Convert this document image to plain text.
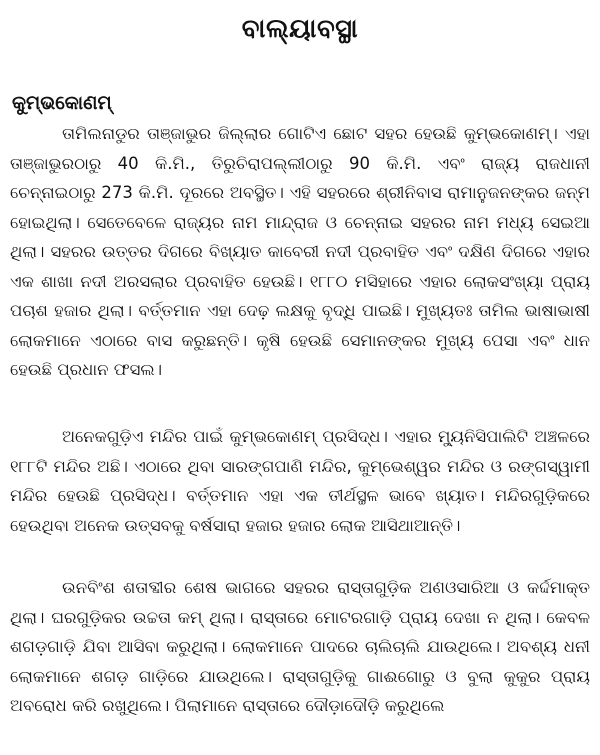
ବାଲ୍ୟାବସ୍ଥା
କୁମ୍ଭକୋଣମ୍

ତାମିଲନାଡୁର ତାଞ୍ଜାଭୁର ଜିଲ୍ଲାର ଗୋଟିଏ ଛୋଟ ସହର ହେଉଛି କୁମ୍ଭକୋଣମ୍। ଏହା ତାଞ୍ଜାଭୁରଠାରୁ 40 କି.ମି., ତିରୁଚିରାପଲ୍ଲୀଠାରୁ 90 କି.ମି. ଏବଂ ରାଜ୍ୟ ରାଜଧାନୀ ଚେନ୍ନାଇଠାରୁ 273 କି.ମି. ଦୂରରେ ଅବସ୍ଥିତ। ଏହି ସହରରେ ଶ୍ରୀନିବାସ ରାମାନୁଜନଙ୍କର ଜନ୍ମ ହୋଇଥିଲା। ସେତେବେଳେ ରାଜ୍ୟର ନାମ ମାନ୍ଦ୍ରାଜ ଓ ଚେନ୍ନାଇ ସହରର ନାମ ମଧ୍ୟ ସେଇଆ ଥିଲା। ସହରର ଉତ୍ତର ଦିଗରେ ବିଖ୍ୟାତ କାବେରୀ ନଦୀ ପ୍ରବାହିତ ଏବଂ ଦକ୍ଷିଣ ଦିଗରେ ଏହାର ଏକ ଶାଖା ନଦୀ ଅରସଲାର ପ୍ରବାହିତ ହେଉଛି। ୧୮୮୦ ମସିହାରେ ଏହାର ଲୋକସଂଖ୍ୟା ପ୍ରାୟ ପଚାଶ ହଜାର ଥିଲା। ବର୍ତ୍ତମାନ ଏହା ଦେଢ଼ ଲକ୍ଷକୁ ବୃଦ୍ଧି ପାଇଛି। ମୁଖ୍ୟତଃ ତାମିଲ ଭାଷାଭାଷୀ ଲୋକମାନେ ଏଠାରେ ବାସ କରୁଛନ୍ତି। କୃଷି ହେଉଛି ସେମାନଙ୍କର ମୁଖ୍ୟ ପେସା ଏବଂ ଧାନ ହେଉଛି ପ୍ରଧାନ ଫସଲ।

ଅନେକଗୁଡ଼ିଏ ମନ୍ଦିର ପାଇଁ କୁମ୍ଭକୋଣମ୍ ପ୍ରସିଦ୍ଧ। ଏହାର ମ୍ୟୁନିସିପାଲିଟି ଅଞ୍ଚଳରେ ୧୮୮ଟି ମନ୍ଦିର ଅଛି। ଏଠାରେ ଥିବା ସାରଙ୍ଗପାଣି ମନ୍ଦିର, କୁମ୍ଭେଶ୍ୱର ମନ୍ଦିର ଓ ରଙ୍ଗସ୍ୱାମୀ ମନ୍ଦିର ହେଉଛି ପ୍ରସିଦ୍ଧ। ବର୍ତ୍ତମାନ ଏହା ଏକ ତୀର୍ଥସ୍ଥଳ ଭାବେ ଖ୍ୟାତ। ମନ୍ଦିରଗୁଡ଼ିକରେ ହେଉଥିବା ଅନେକ ଉତ୍ସବକୁ ବର୍ଷସାରା ହଜାର ହଜାର ଲୋକ ଆସିଥାଆନ୍ତି।

ଉନବିଂଶ ଶତାବ୍ଦୀର ଶେଷ ଭାଗରେ ସହରର ରାସ୍ତାଗୁଡ଼ିକ ଅଣଓସାରିଆ ଓ କର୍ଦ୍ଦମାକ୍ତ ଥିଲା। ଘରଗୁଡ଼ିକର ଉଚ୍ଚତା କମ୍ ଥିଲା। ରାସ୍ତାରେ ମୋଟରଗାଡ଼ି ପ୍ରାୟ ଦେଖା ନ ଥିଲା। କେବଳ ଶଗଡ଼ଗାଡ଼ି ଯିବା ଆସିବା କରୁଥିଲା। ଲୋକମାନେ ପାଦରେ ଚାଲିଚାଲି ଯାଉଥିଲେ। ଅବଶ୍ୟ ଧନୀ ଲୋକମାନେ ଶଗଡ଼ ଗାଡ଼ିରେ ଯାଉଥିଲେ। ରାସ୍ତାଗୁଡ଼ିକୁ ଗାଈଗୋରୁ ଓ ବୁଲା କୁକୁର ପ୍ରାୟ ଅବରୋଧ କରି ରଖୁଥିଲେ। ପିଲାମାନେ ରାସ୍ତାରେ ଦୌଡ଼ାଦୌଡ଼ି କରୁଥିଲେ
